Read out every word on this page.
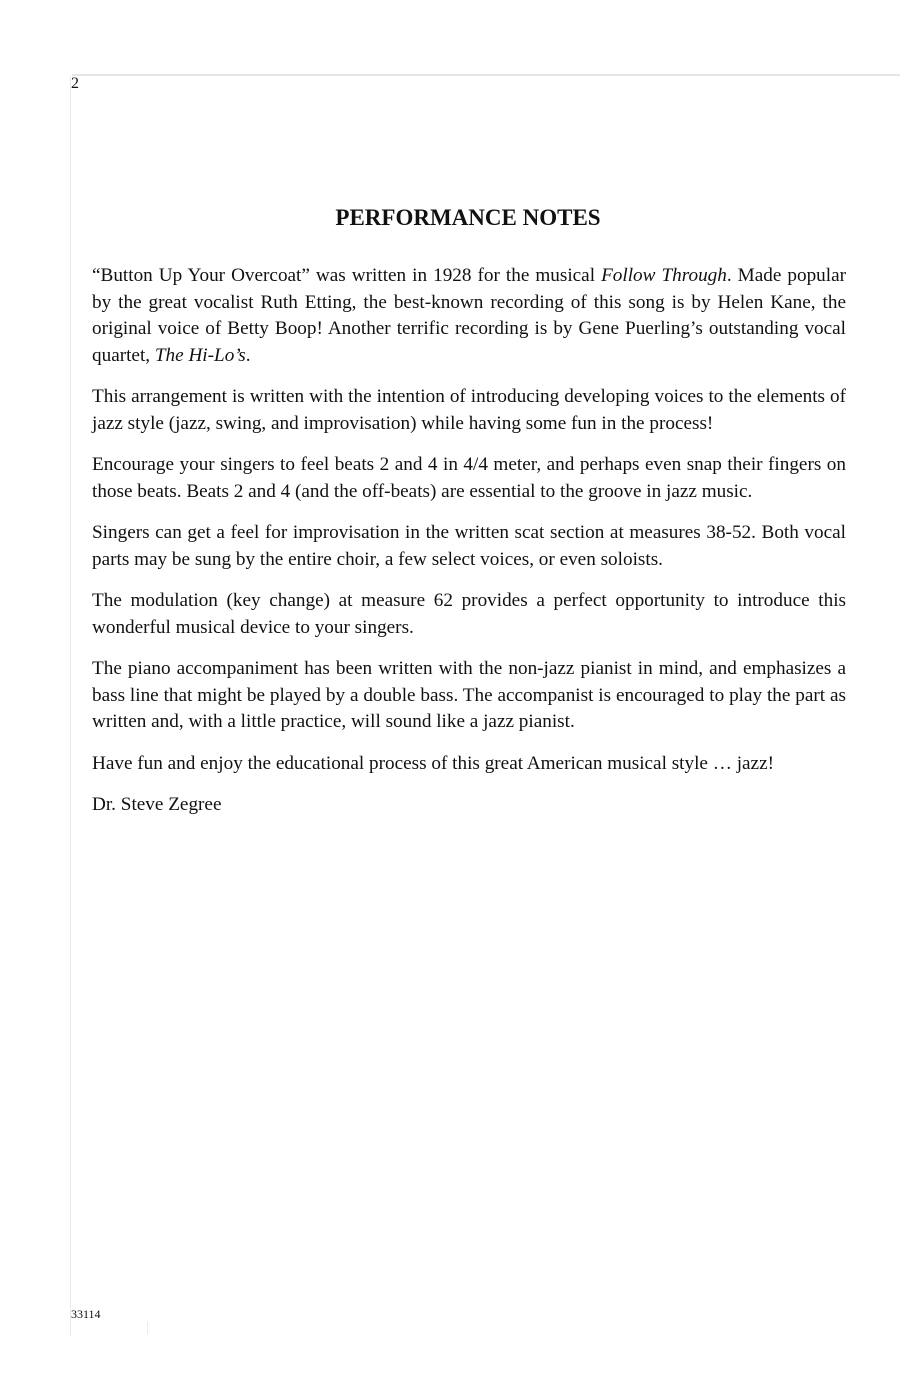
2
PERFORMANCE NOTES

“Button Up Your Overcoat” was written in 1928 for the musical Follow Through. Made popular by the great vocalist Ruth Etting, the best-known recording of this song is by Helen Kane, the original voice of Betty Boop! Another terrific recording is by Gene Puerling’s outstanding vocal quartet, The Hi-Lo’s.

This arrangement is written with the intention of introducing developing voices to the elements of jazz style (jazz, swing, and improvisation) while having some fun in the process!

Encourage your singers to feel beats 2 and 4 in 4/4 meter, and perhaps even snap their fingers on those beats. Beats 2 and 4 (and the off-beats) are essential to the groove in jazz music.

Singers can get a feel for improvisation in the written scat section at measures 38-52. Both vocal parts may be sung by the entire choir, a few select voices, or even soloists.

The modulation (key change) at measure 62 provides a perfect opportunity to introduce this wonderful musical device to your singers.

The piano accompaniment has been written with the non-jazz pianist in mind, and emphasizes a bass line that might be played by a double bass. The accompanist is encouraged to play the part as written and, with a little practice, will sound like a jazz pianist.

Have fun and enjoy the educational process of this great American musical style … jazz!

Dr. Steve Zegree

33114
